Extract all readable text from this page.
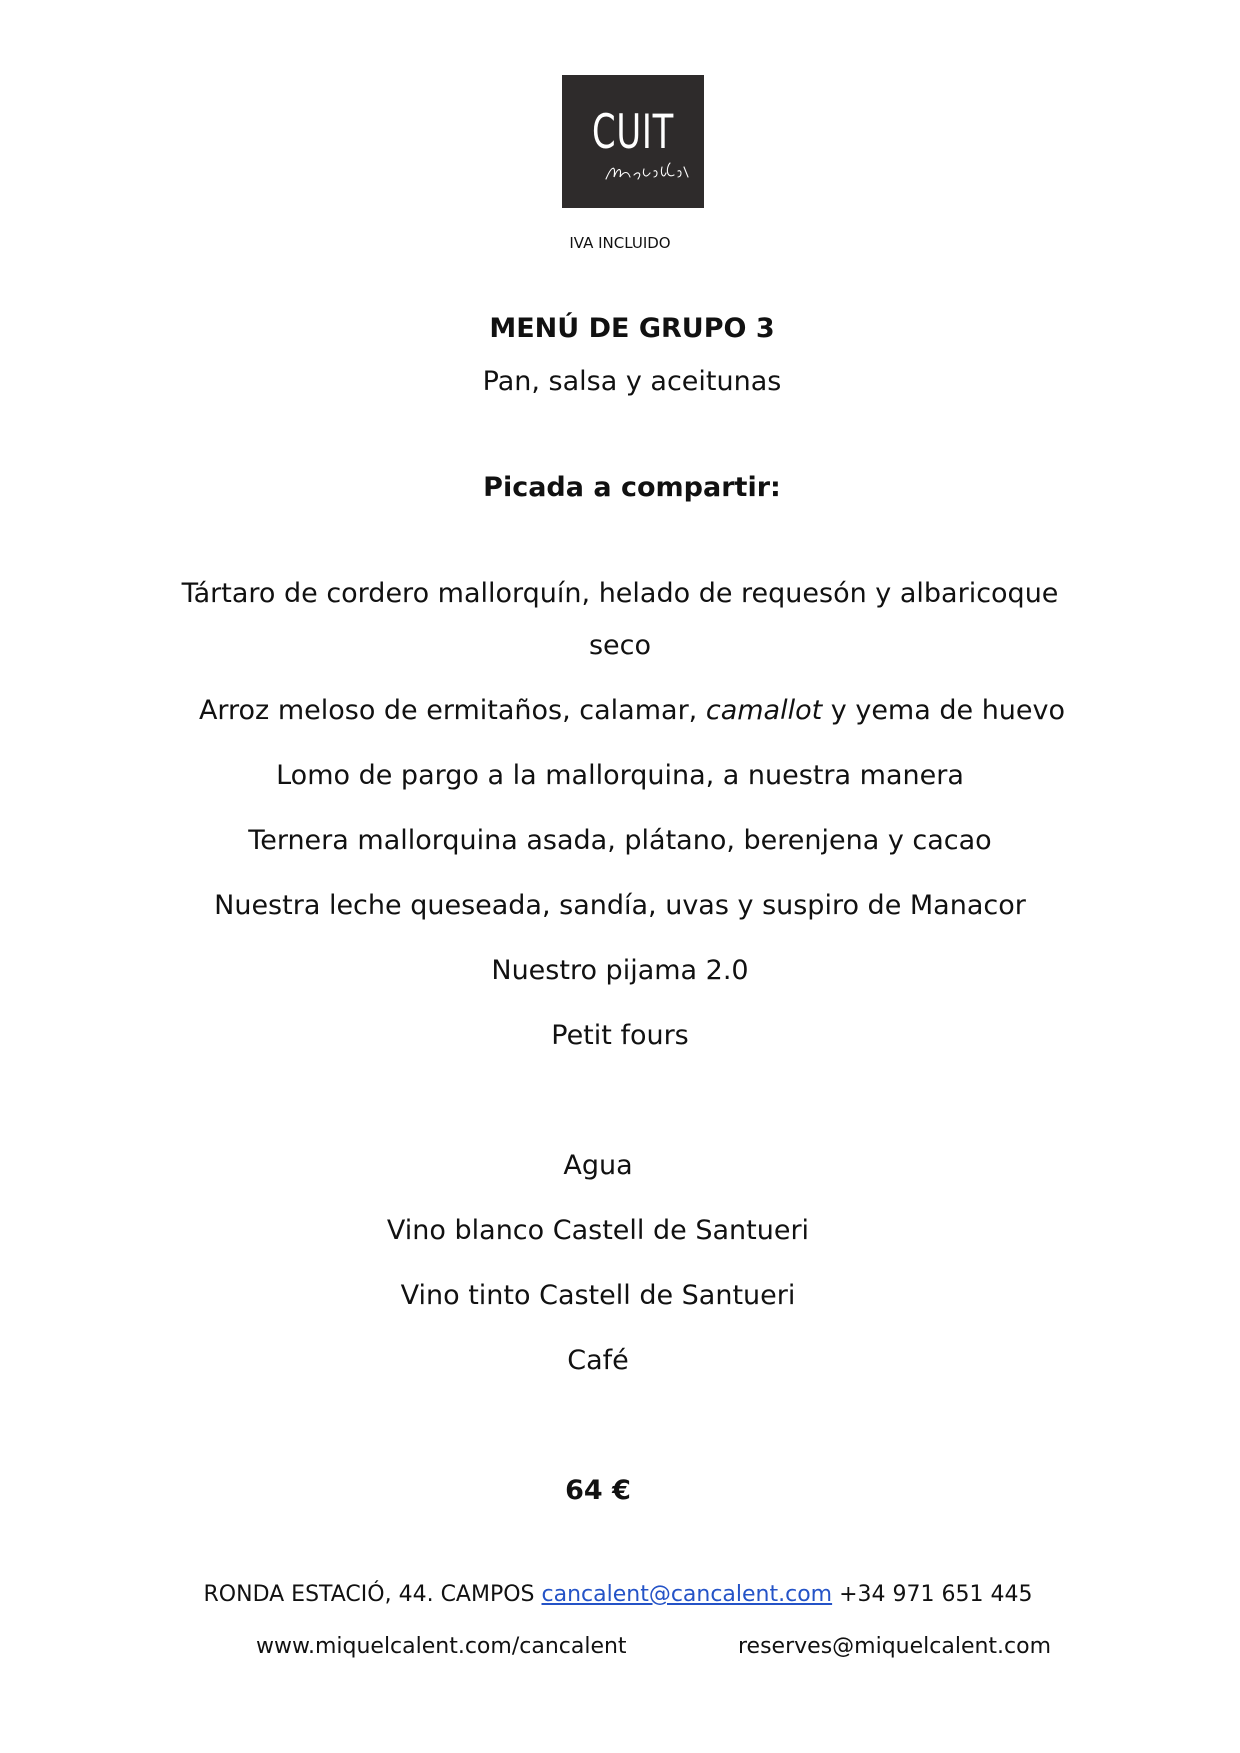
CUIT
IVA INCLUIDO
MENÚ DE GRUPO 3
Pan, salsa y aceitunas
Picada a compartir:
Tártaro de cordero mallorquín, helado de requesón y albaricoque
seco
Arroz meloso de ermitaños, calamar, camallot y yema de huevo
Lomo de pargo a la mallorquina, a nuestra manera
Ternera mallorquina asada, plátano, berenjena y cacao
Nuestra leche queseada, sandía, uvas y suspiro de Manacor
Nuestro pijama 2.0
Petit fours
Agua
Vino blanco Castell de Santueri
Vino tinto Castell de Santueri
Café
64 €
RONDA ESTACIÓ, 44. CAMPOS cancalent@cancalent.com +34 971 651 445
www.miquelcalent.com/cancalent	reserves@miquelcalent.com
